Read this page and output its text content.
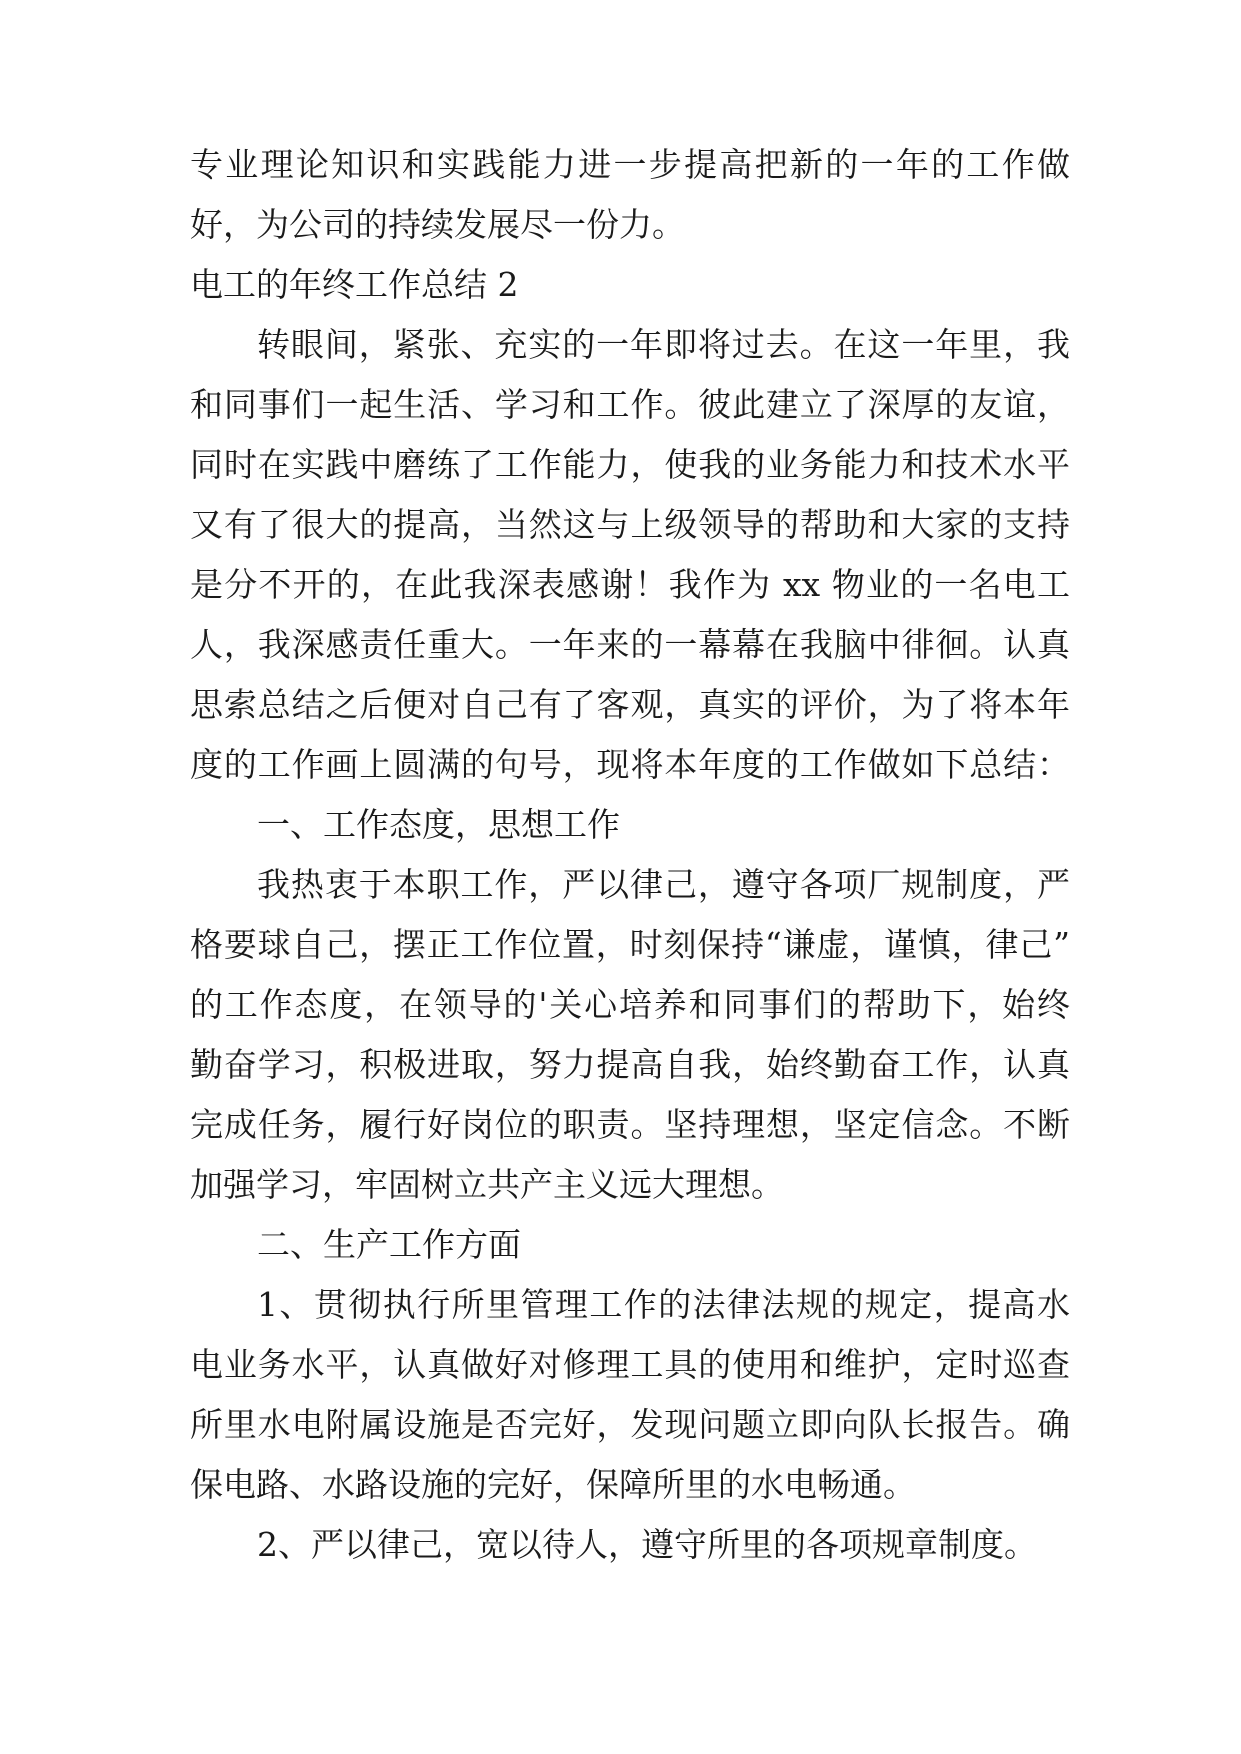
专业理论知识和实践能力进一步提高把新的一年的工作做
好，为公司的持续发展尽一份力。
电工的年终工作总结 2
转眼间，紧张、充实的一年即将过去。在这一年里，我
和同事们一起生活、学习和工作。彼此建立了深厚的友谊，
同时在实践中磨练了工作能力，使我的业务能力和技术水平
又有了很大的提高，当然这与上级领导的帮助和大家的支持
是分不开的，在此我深表感谢！我作为 xx 物业的一名电工
人，我深感责任重大。一年来的一幕幕在我脑中徘徊。认真
思索总结之后便对自己有了客观，真实的评价，为了将本年
度的工作画上圆满的句号，现将本年度的工作做如下总结：
一、工作态度，思想工作
我热衷于本职工作，严以律己，遵守各项厂规制度，严
格要球自己，摆正工作位置，时刻保持“谦虚，谨慎，律己”
的工作态度，在领导的'关心培养和同事们的帮助下，始终
勤奋学习，积极进取，努力提高自我，始终勤奋工作，认真
完成任务，履行好岗位的职责。坚持理想，坚定信念。不断
加强学习，牢固树立共产主义远大理想。
二、生产工作方面
1、贯彻执行所里管理工作的法律法规的规定，提高水
电业务水平，认真做好对修理工具的使用和维护，定时巡查
所里水电附属设施是否完好，发现问题立即向队长报告。确
保电路、水路设施的完好，保障所里的水电畅通。
2、严以律己，宽以待人，遵守所里的各项规章制度。
